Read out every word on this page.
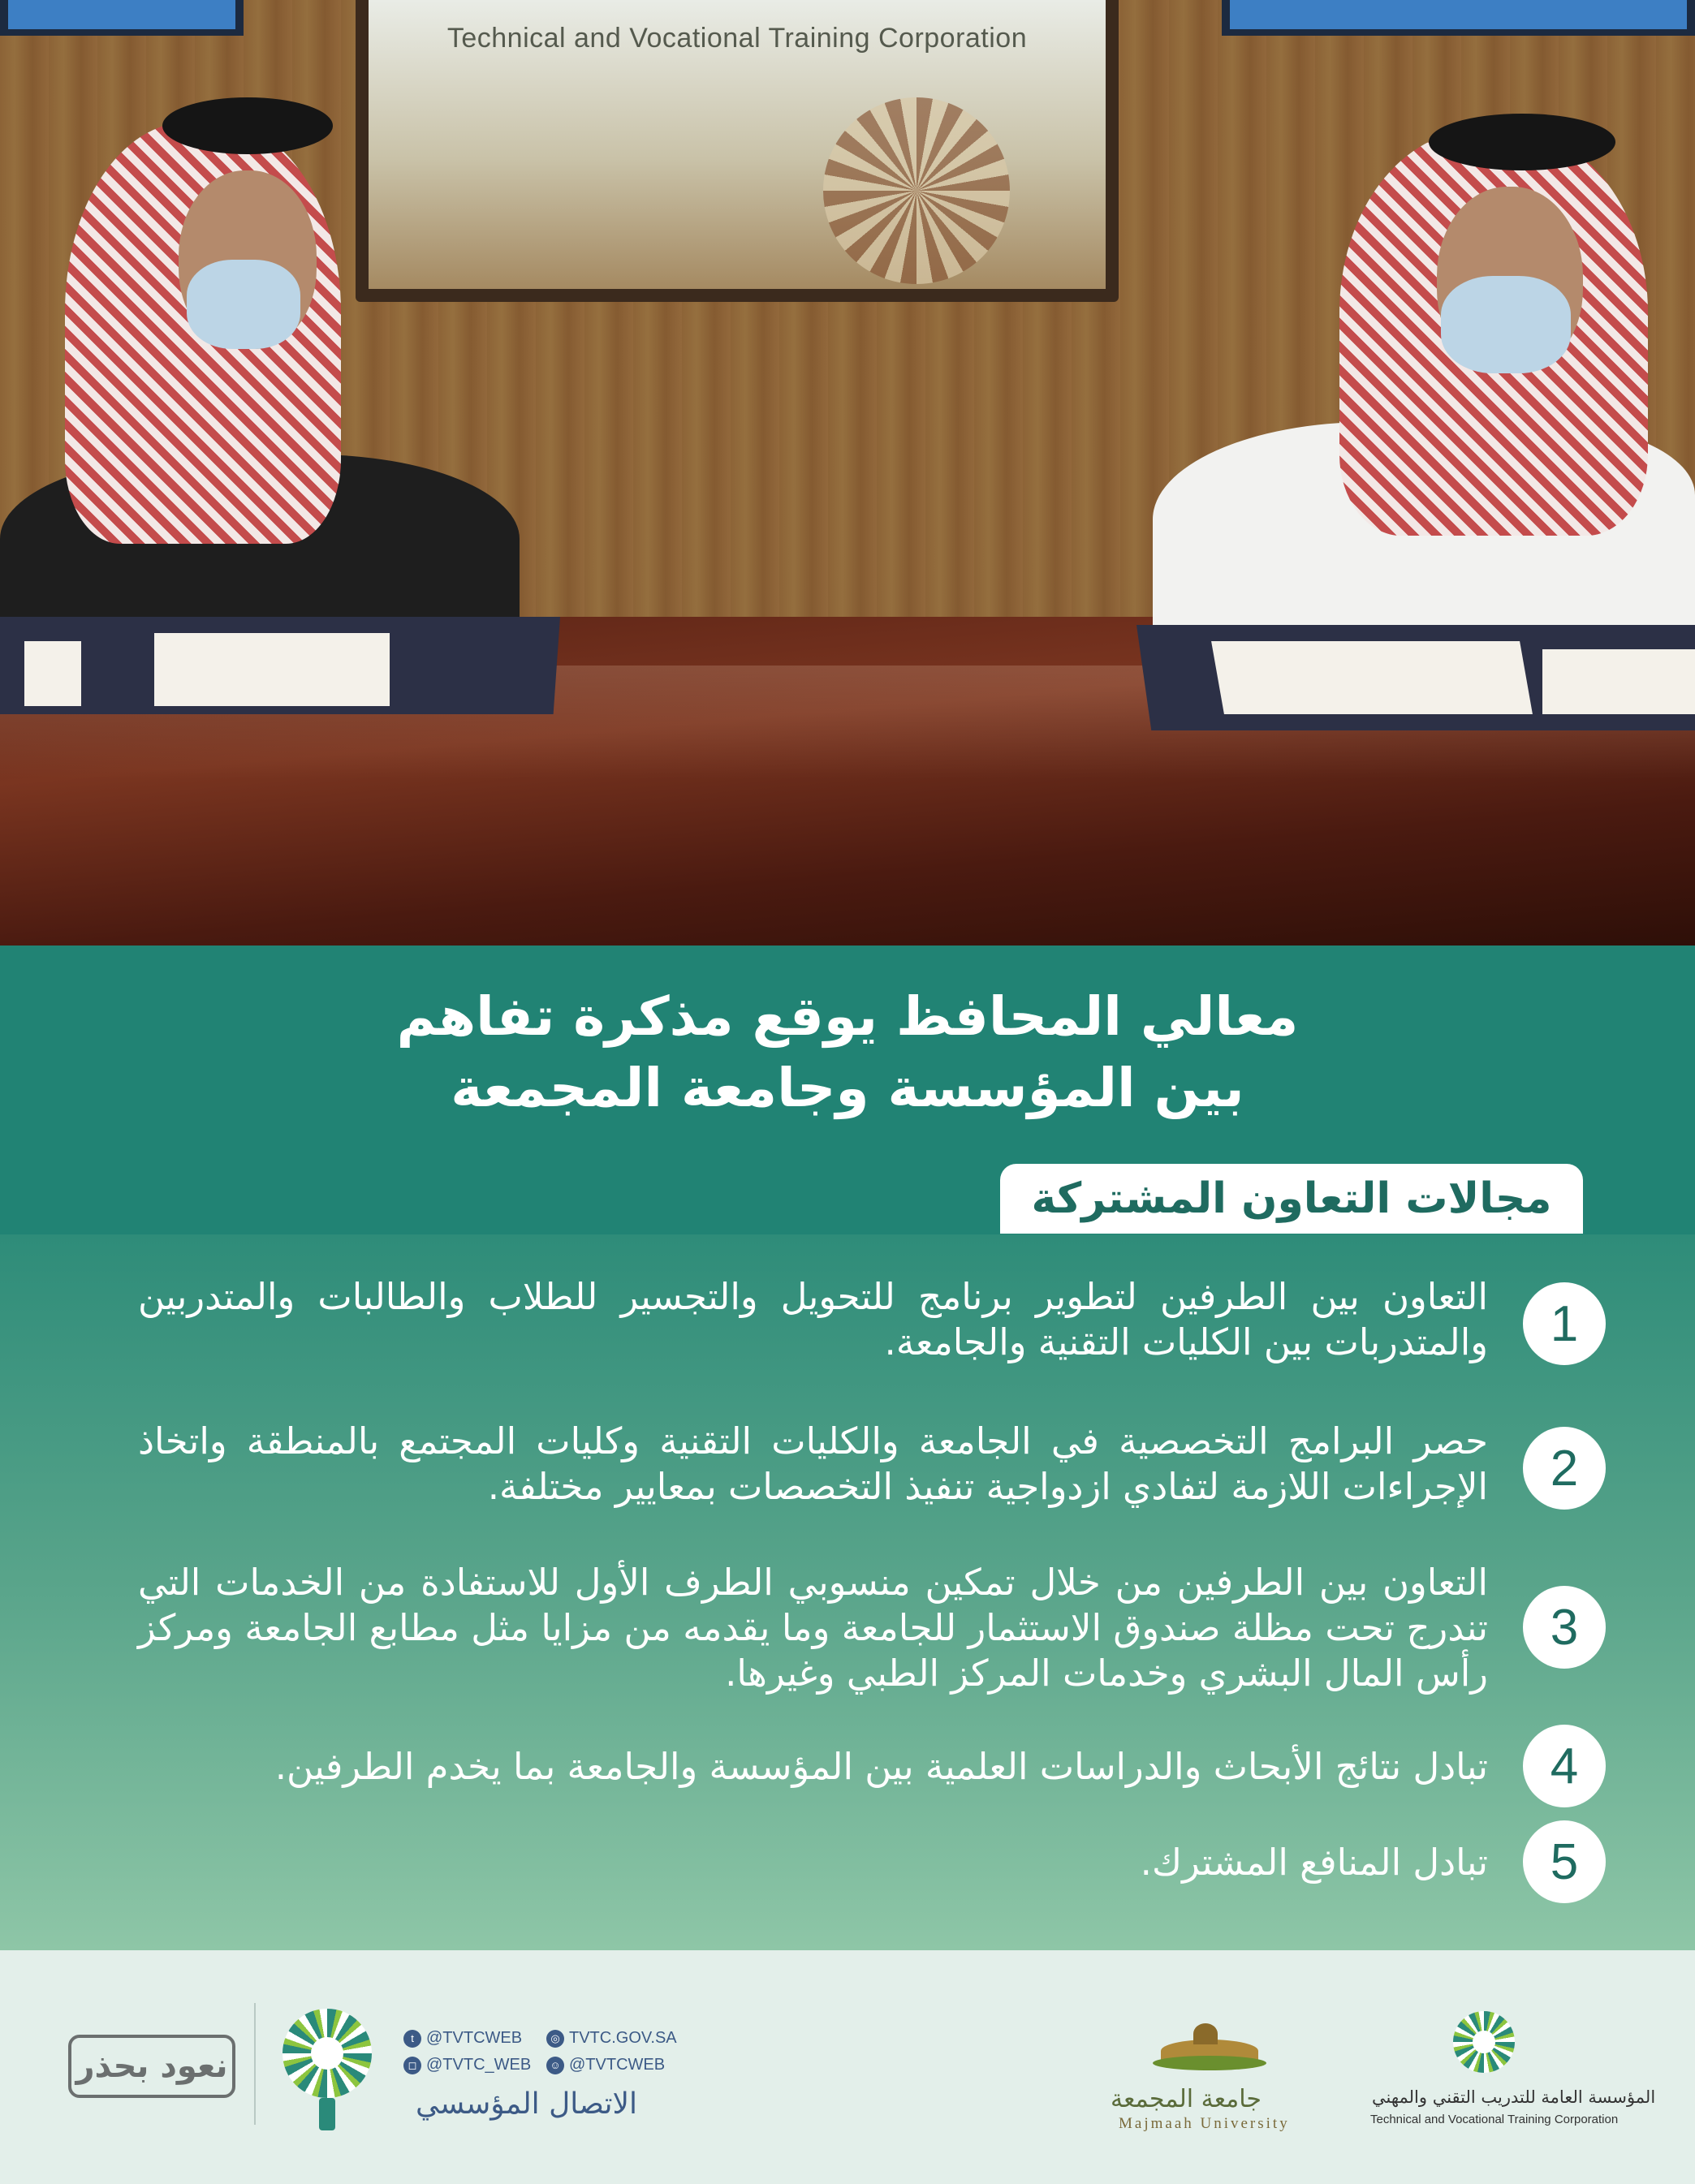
Technical and Vocational Training Corporation
معالي المحافظ يوقع مذكرة تفاهم
بين المؤسسة وجامعة المجمعة
مجالات التعاون المشتركة
1
التعاون بين الطرفين لتطوير برنامج للتحويل والتجسير للطلاب والطالبات والمتدربين والمتدربات بين الكليات التقنية والجامعة.
2
حصر البرامج التخصصية في الجامعة والكليات التقنية وكليات المجتمع بالمنطقة واتخاذ الإجراءات اللازمة لتفادي ازدواجية تنفيذ التخصصات بمعايير مختلفة.
3
التعاون بين الطرفين من خلال تمكين منسوبي الطرف الأول للاستفادة من الخدمات التي تندرج تحت مظلة صندوق الاستثمار للجامعة وما يقدمه من مزايا مثل مطابع الجامعة ومركز رأس المال البشري وخدمات المركز الطبي وغيرها.
4
تبادل نتائج الأبحاث والدراسات العلمية بين المؤسسة والجامعة بما يخدم الطرفين.
5
تبادل المنافع المشترك.
المؤسسة العامة للتدريب التقني والمهني
Technical and Vocational Training Corporation
جامعة المجمعة
Majmaah University
t @TVTCWEB	◎ TVTC.GOV.SA
◻ @TVTC_WEB	☺ @TVTCWEB
الاتصال المؤسسي
نعود بحذر
